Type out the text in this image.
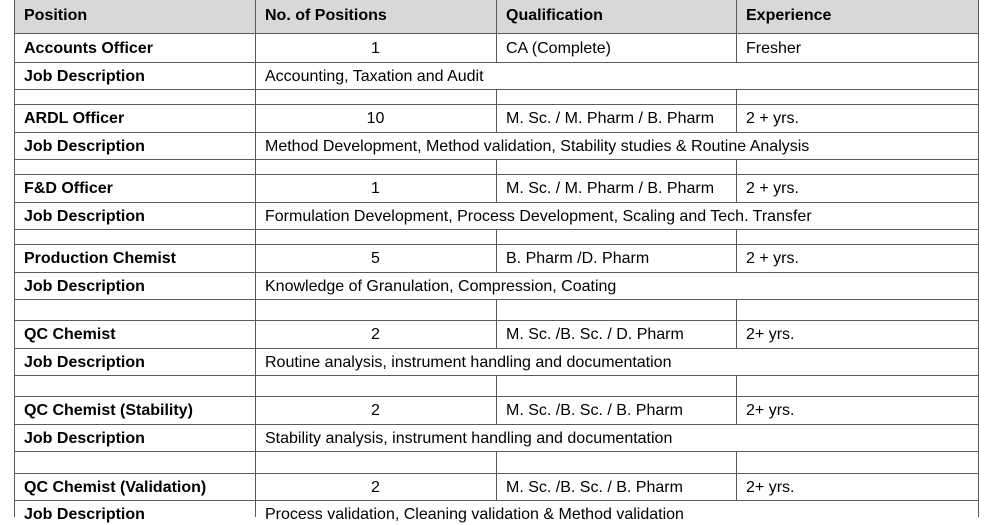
Position	No. of Positions	Qualification	Experience
Accounts Officer	1	CA (Complete)	Fresher
Job Description	Accounting, Taxation and Audit
ARDL Officer	10	M. Sc. / M. Pharm / B. Pharm	2 + yrs.
Job Description	Method Development, Method validation, Stability studies & Routine Analysis
F&D Officer	1	M. Sc. / M. Pharm / B. Pharm	2 + yrs.
Job Description	Formulation Development, Process Development, Scaling and Tech. Transfer
Production Chemist	5	B. Pharm /D. Pharm	2 + yrs.
Job Description	Knowledge of Granulation, Compression, Coating
QC Chemist	2	M. Sc. /B. Sc. / D. Pharm	2+ yrs.
Job Description	Routine analysis, instrument handling and documentation
QC Chemist (Stability)	2	M. Sc. /B. Sc. / B. Pharm	2+ yrs.
Job Description	Stability analysis, instrument handling and documentation
QC Chemist (Validation)	2	M. Sc. /B. Sc. / B. Pharm	2+ yrs.
Job Description	Process validation, Cleaning validation & Method validation
